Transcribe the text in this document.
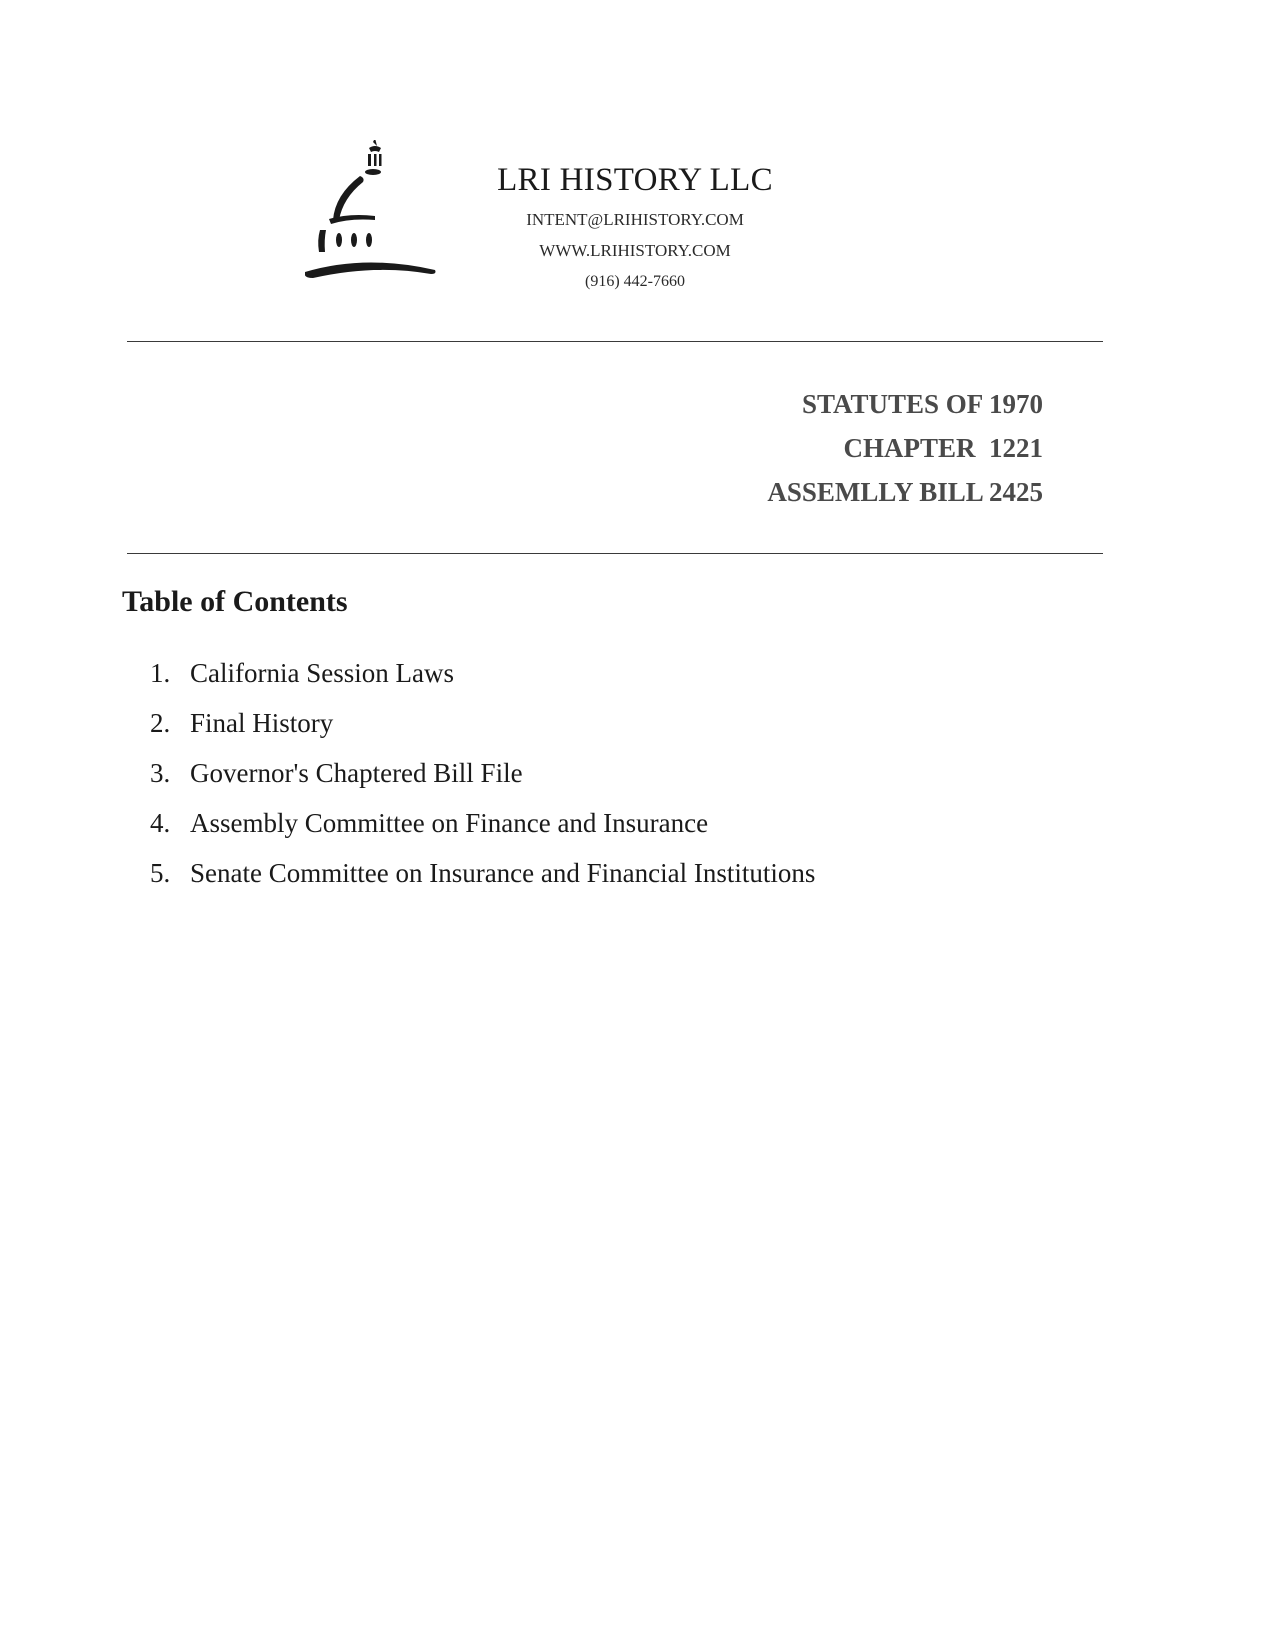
LRI HISTORY LLC
INTENT@LRIHISTORY.COM
WWW.LRIHISTORY.COM
(916) 442-7660
STATUTES OF 1970
CHAPTER  1221
ASSEMLLY BILL 2425
Table of Contents
1. California Session Laws
2. Final History
3. Governor's Chaptered Bill File
4. Assembly Committee on Finance and Insurance
5. Senate Committee on Insurance and Financial Institutions
